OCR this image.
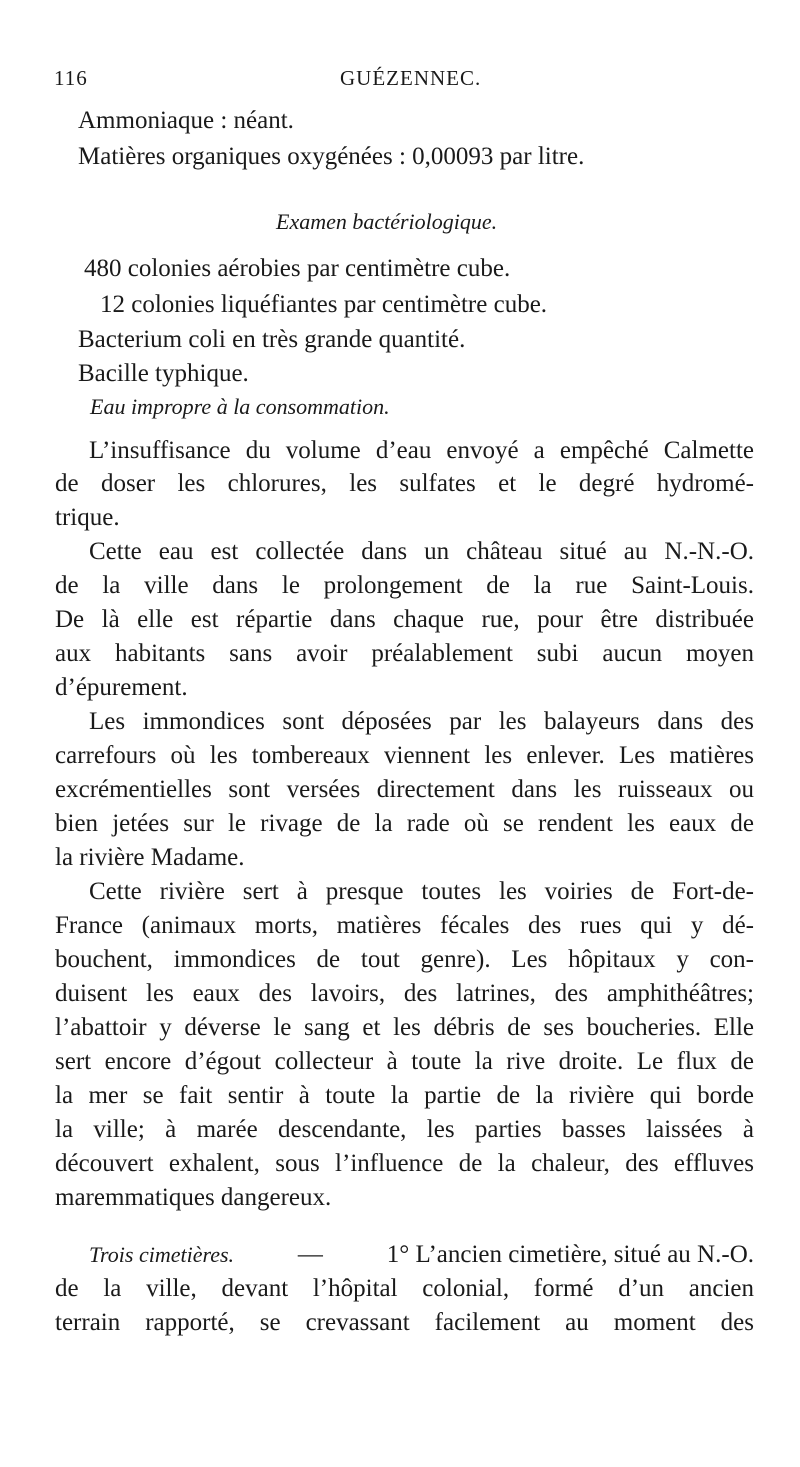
116	GUÉZENNEC.
Ammoniaque : néant.
Matières organiques oxygénées : 0,00093 par litre.
Examen bactériologique.
480 colonies aérobies par centimètre cube.
12 colonies liquéfiantes par centimètre cube.
Bacterium coli en très grande quantité.
Bacille typhique.
Eau impropre à la consommation.
L’insuffisance du volume d’eau envoyé a empêché Calmette
de doser les chlorures, les sulfates et le degré hydromé-
trique.
Cette eau est collectée dans un château situé au N.-N.-O.
de la ville dans le prolongement de la rue Saint-Louis.
De là elle est répartie dans chaque rue, pour être distribuée
aux habitants sans avoir préalablement subi aucun moyen
d’épurement.
Les immondices sont déposées par les balayeurs dans des
carrefours où les tombereaux viennent les enlever. Les matières
excrémentielles sont versées directement dans les ruisseaux ou
bien jetées sur le rivage de la rade où se rendent les eaux de
la rivière Madame.
Cette rivière sert à presque toutes les voiries de Fort-de-
France (animaux morts, matières fécales des rues qui y dé-
bouchent, immondices de tout genre). Les hôpitaux y con-
duisent les eaux des lavoirs, des latrines, des amphithéâtres;
l’abattoir y déverse le sang et les débris de ses boucheries. Elle
sert encore d’égout collecteur à toute la rive droite. Le flux de
la mer se fait sentir à toute la partie de la rivière qui borde
la ville; à marée descendante, les parties basses laissées à
découvert exhalent, sous l’influence de la chaleur, des effluves
maremmatiques dangereux.
Trois cimetières.	—	1° L’ancien cimetière, situé au N.-O.
de la ville, devant l’hôpital colonial, formé d’un ancien
terrain rapporté, se crevassant facilement au moment des
